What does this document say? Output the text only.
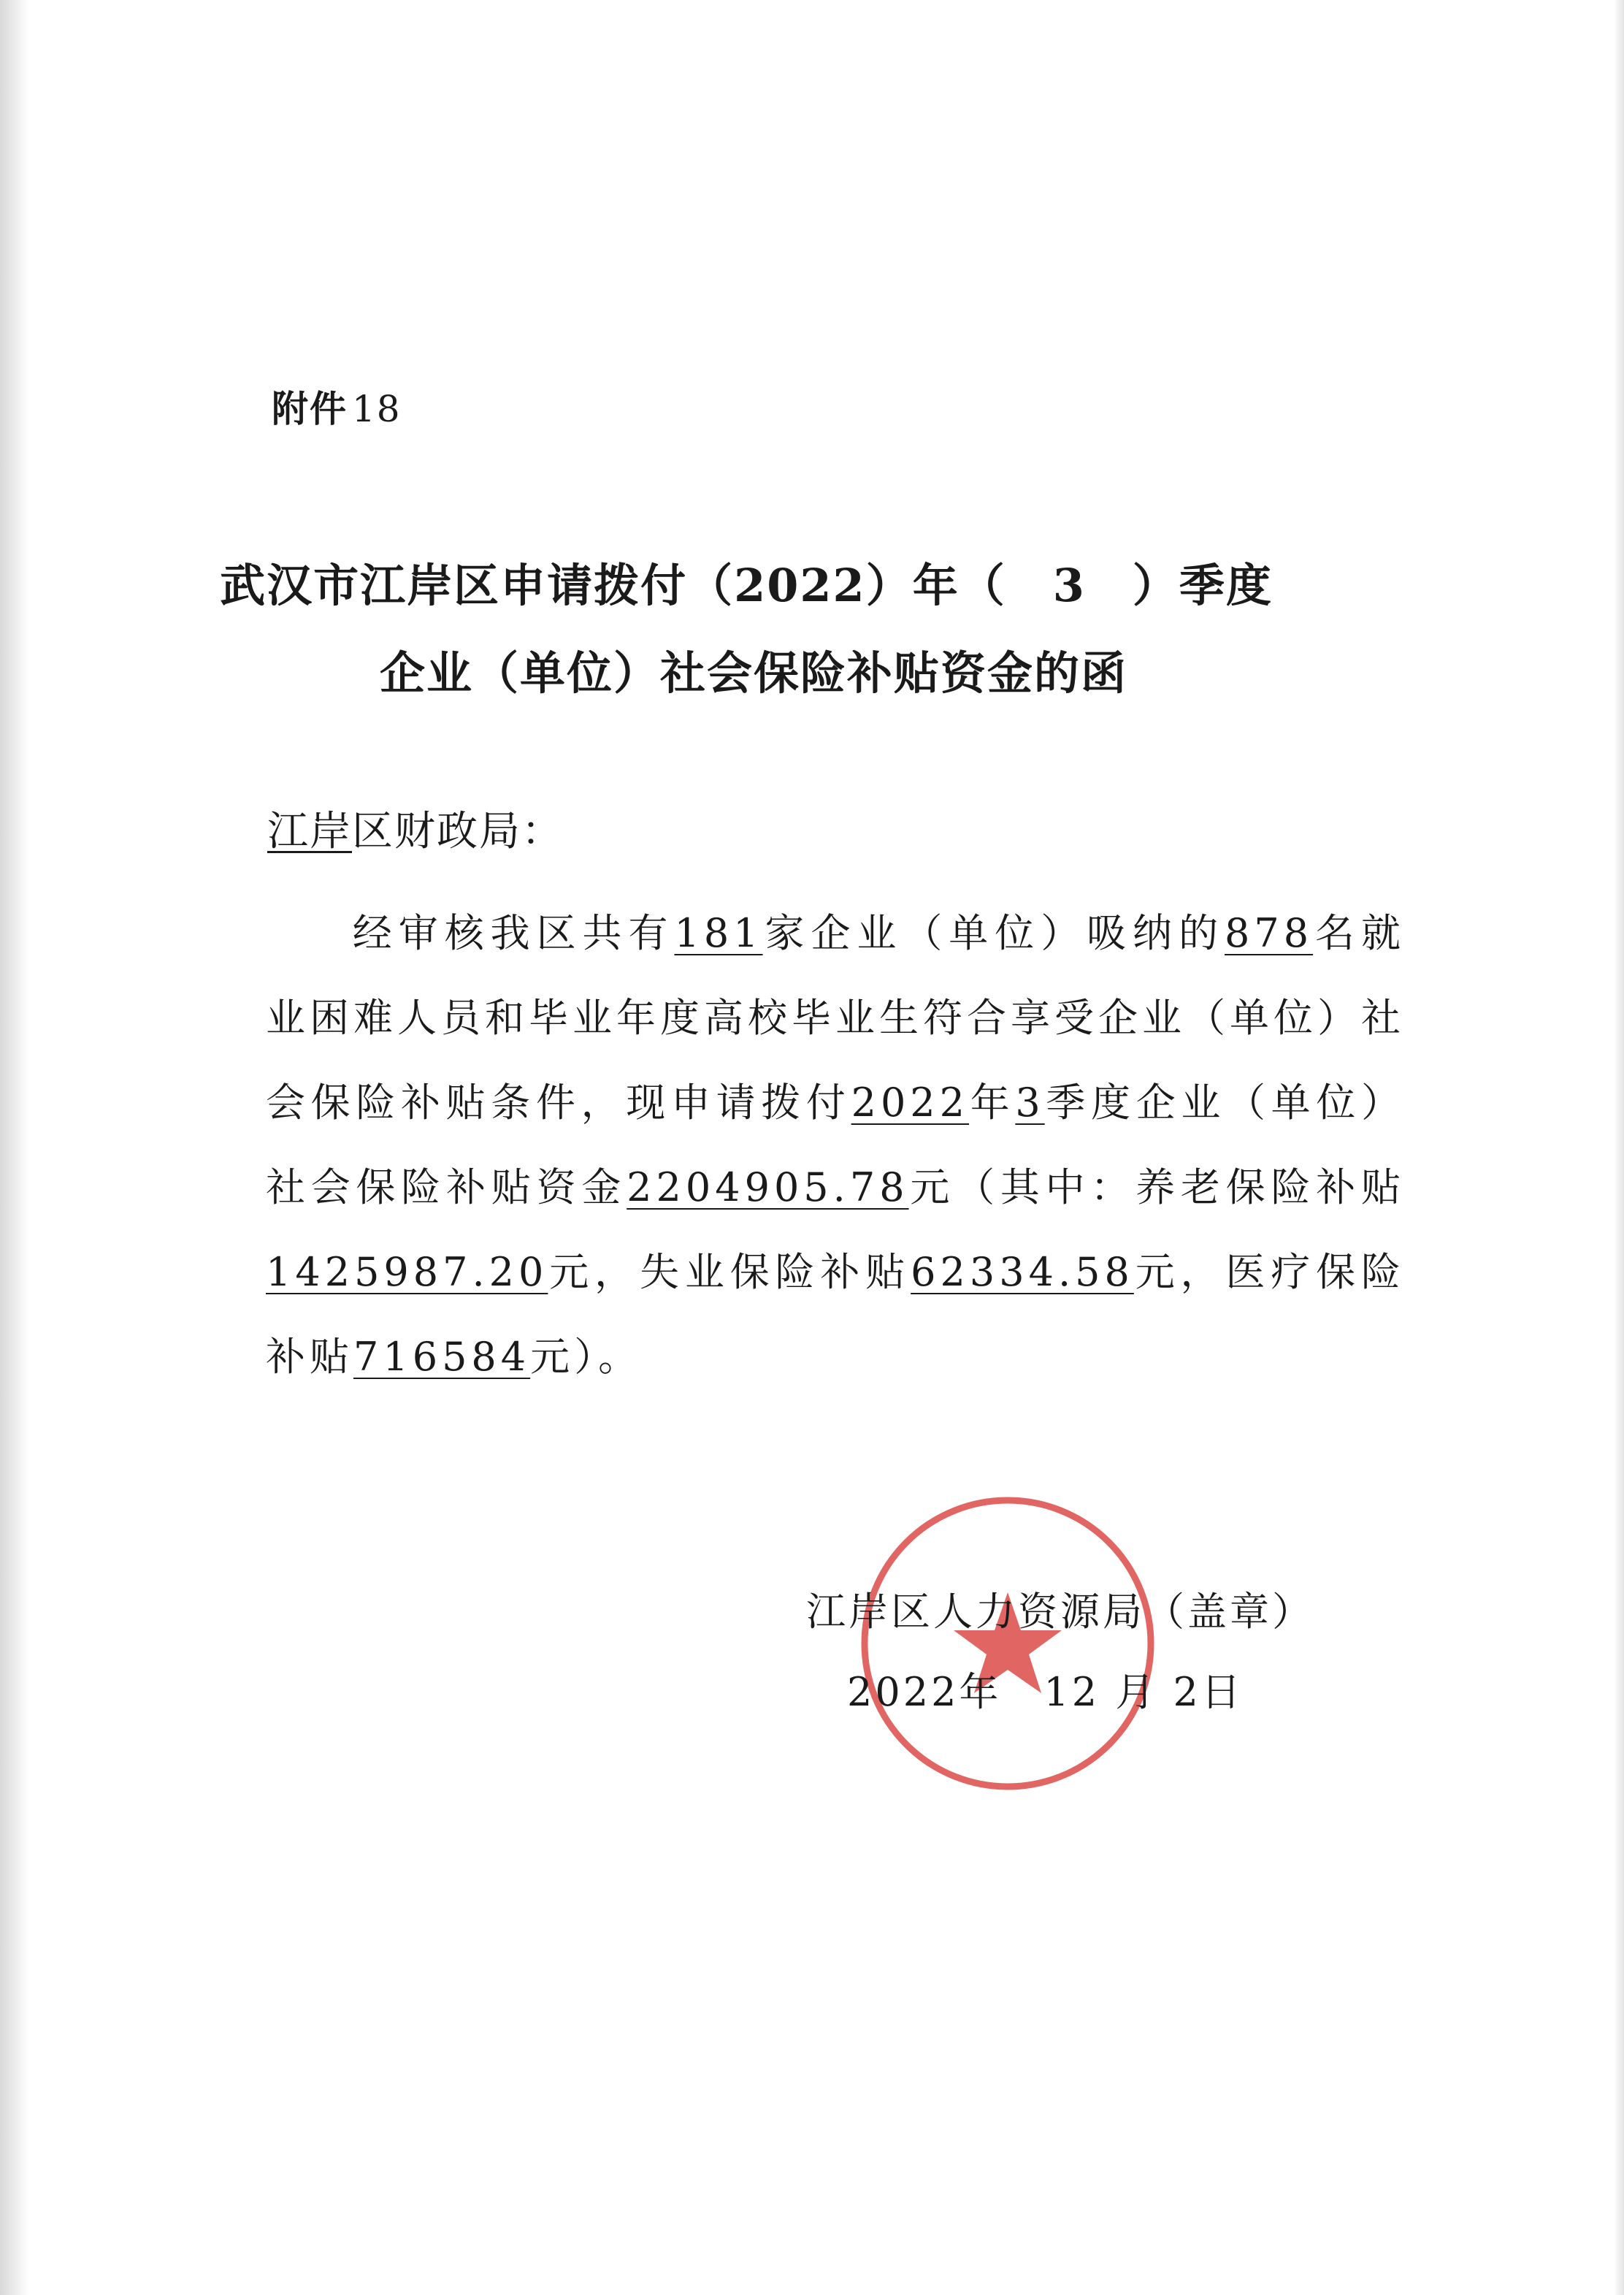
附件 18
武汉市江岸区申请拨付（2022）年（　3　）季度
企业（单位）社会保险补贴资金的函
江岸区财政局：

经审核我区共有181家企业（单位）吸纳的878名就业困难人员和毕业年度高校毕业生符合享受企业（单位）社会保险补贴条件，现申请拨付2022年3季度企业（单位）社会保险补贴资金2204905.78元（其中：养老保险补贴1425987.20元，失业保险补贴62334.58元，医疗保险补贴716584元）。

江岸区人力资源局（盖章）
2022年　12 月 2日
